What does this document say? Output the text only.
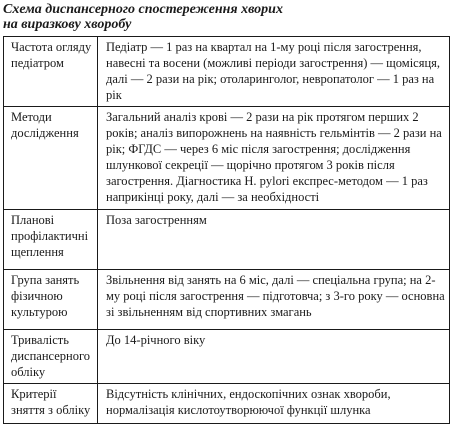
Схема диспансерного спостереження хворих
на виразкову хворобу
Частота огляду педіатром	Педіатр — 1 раз на квартал на 1-му році після загострення, навесні та восени (можливі періоди загострення) — щомісяця, далі — 2 рази на рік; отоларинголог, невропатолог — 1 раз на рік
Методи дослідження	Загальний аналіз крові — 2 рази на рік протягом перших 2 років; аналіз випорожнень на наявність гельмінтів — 2 рази на рік; ФГДС — через 6 міс після загострення; дослідження шлункової секреції — щорічно протягом 3 років після загострення. Діагностика H. pylori експрес-методом — 1 раз наприкінці року, далі — за необхідності
Планові профілактичні щеплення	Поза загостренням
Група занять фізичною культурою	Звільнення від занять на 6 міс, далі — спеціальна група; на 2-му році після загострення — підготовча; з 3-го року — основна зі звільненням від спортивних змагань
Тривалість диспансерного обліку	До 14-річного віку
Критерії зняття з обліку	Відсутність клінічних, ендоскопічних ознак хвороби, нормалізація кислотоутворюючої функції шлунка
